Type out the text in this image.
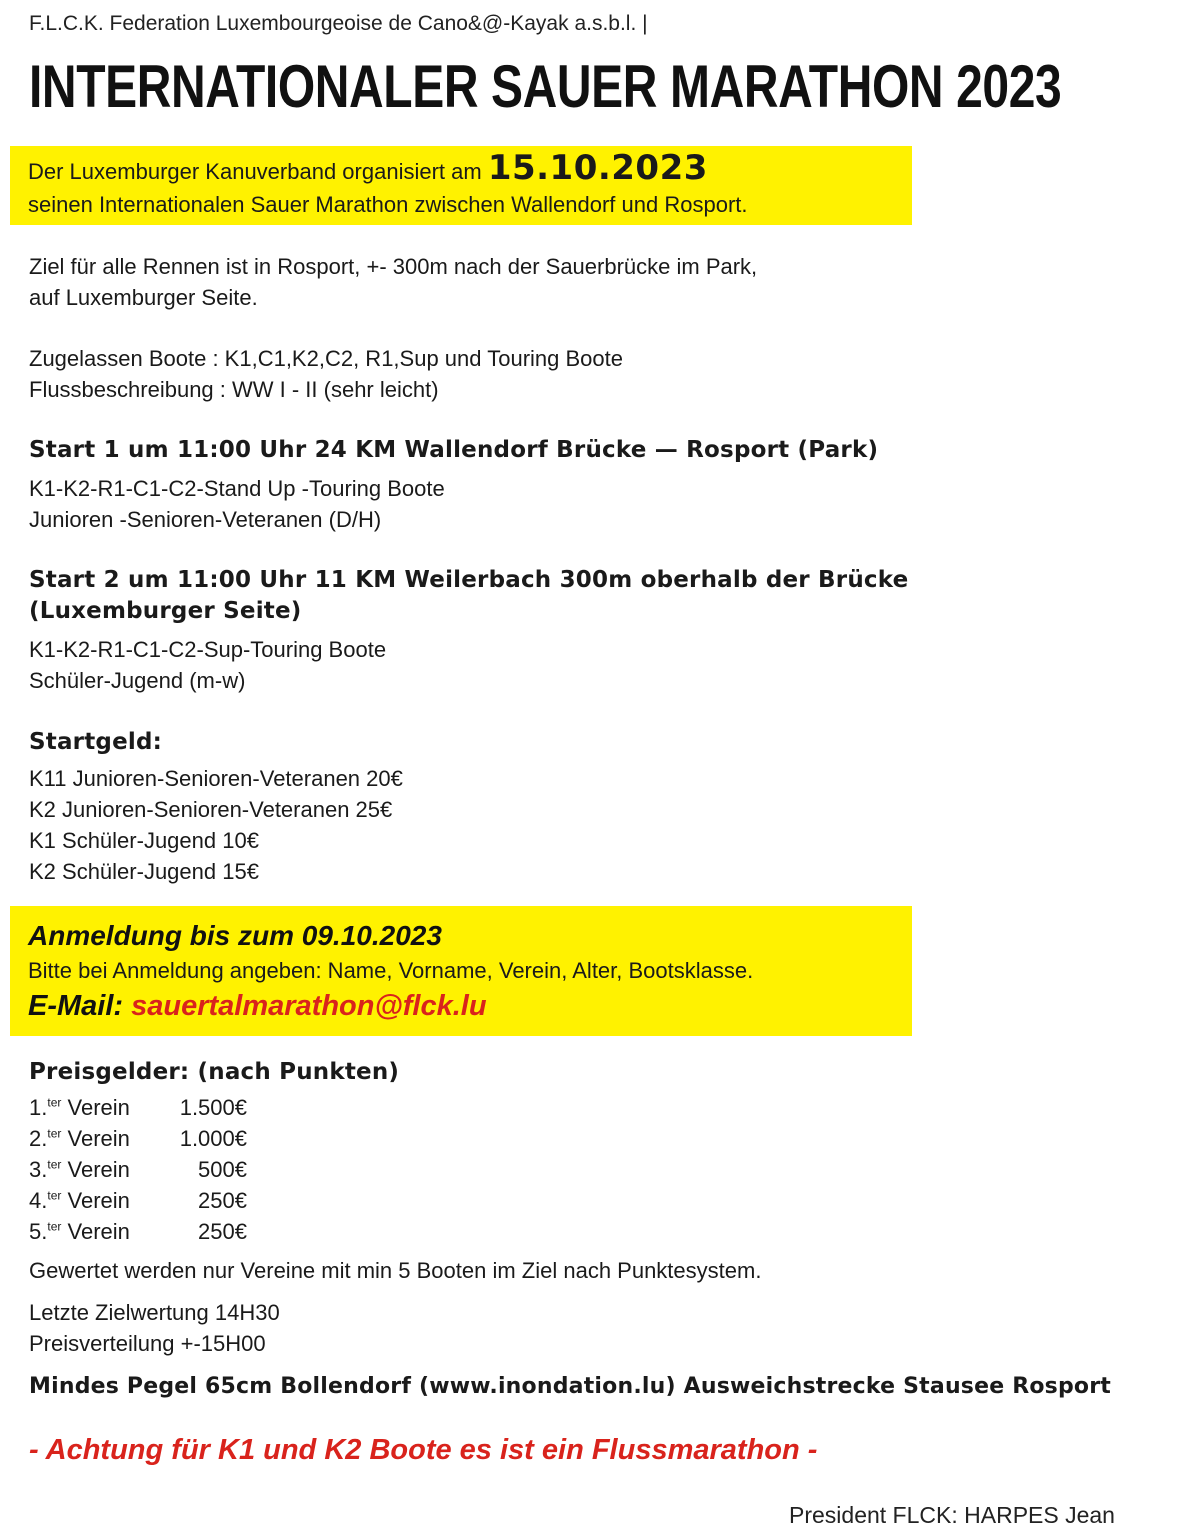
F.L.C.K. Federation Luxembourgeoise de Cano&@-Kayak a.s.b.l. |
INTERNATIONALER SAUER MARATHON 2023
Der Luxemburger Kanuverband organisiert am 15.10.2023
seinen Internationalen Sauer Marathon zwischen Wallendorf und Rosport.
Ziel für alle Rennen ist in Rosport, +- 300m nach der Sauerbrücke im Park,
auf Luxemburger Seite.
Zugelassen Boote : K1,C1,K2,C2, R1,Sup und Touring Boote
Flussbeschreibung : WW I - II (sehr leicht)
Start 1 um 11:00 Uhr 24 KM Wallendorf Brücke — Rosport (Park)
K1-K2-R1-C1-C2-Stand Up -Touring Boote
Junioren -Senioren-Veteranen (D/H)
Start 2 um 11:00 Uhr 11 KM Weilerbach 300m oberhalb der Brücke
(Luxemburger Seite)
K1-K2-R1-C1-C2-Sup-Touring Boote
Schüler-Jugend (m-w)
Startgeld:
K11 Junioren-Senioren-Veteranen 20€
K2 Junioren-Senioren-Veteranen 25€
K1 Schüler-Jugend 10€
K2 Schüler-Jugend 15€
Anmeldung bis zum 09.10.2023
Bitte bei Anmeldung angeben: Name, Vorname, Verein, Alter, Bootsklasse.
E-Mail: sauertalmarathon@flck.lu
Preisgelder: (nach Punkten)
1.$^{ter}$ Verein 1.500€
2.$^{ter}$ Verein 1.000€
3.$^{ter}$ Verein	500€
4.$^{ter}$ Verein	250€
5.$^{ter}$ Verein	250€
Gewertet werden nur Vereine mit min 5 Booten im Ziel nach Punktesystem.
Letzte Zielwertung 14H30
Preisverteilung +-15H00
Mindes Pegel 65cm Bollendorf (www.inondation.lu) Ausweichstrecke Stausee Rosport
- Achtung für K1 und K2 Boote es ist ein Flussmarathon -
President FLCK: HARPES Jean
